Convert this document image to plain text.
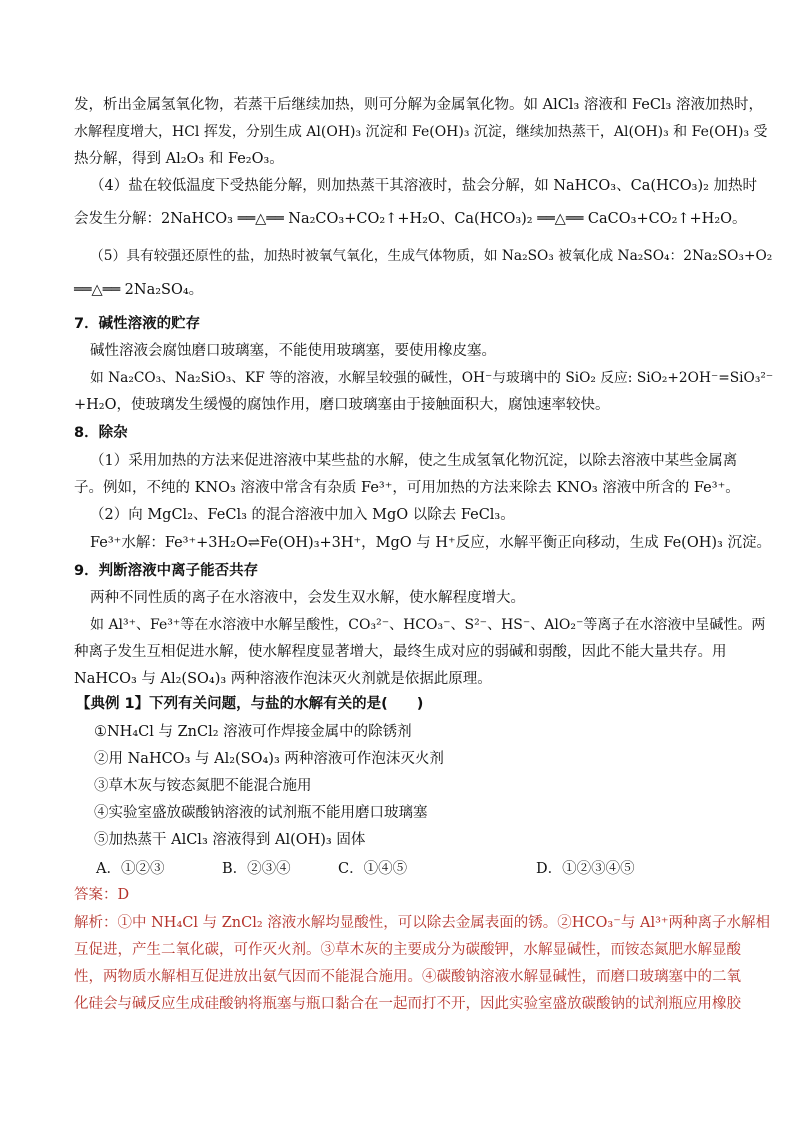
发，析出金属氢氧化物，若蒸干后继续加热，则可分解为金属氧化物。如 AlCl₃ 溶液和 FeCl₃ 溶液加热时，
水解程度增大，HCl 挥发，分别生成 Al(OH)₃ 沉淀和 Fe(OH)₃ 沉淀，继续加热蒸干，Al(OH)₃ 和 Fe(OH)₃ 受
热分解，得到 Al₂O₃ 和 Fe₂O₃。
（4）盐在较低温度下受热能分解，则加热蒸干其溶液时，盐会分解，如 NaHCO₃、Ca(HCO₃)₂ 加热时
会发生分解：2NaHCO₃ ══△══ Na₂CO₃+CO₂↑+H₂O、Ca(HCO₃)₂ ══△══ CaCO₃+CO₂↑+H₂O。
（5）具有较强还原性的盐，加热时被氧气氧化，生成气体物质，如 Na₂SO₃ 被氧化成 Na₂SO₄：2Na₂SO₃+O₂
══△══ 2Na₂SO₄。
7．碱性溶液的贮存
碱性溶液会腐蚀磨口玻璃塞，不能使用玻璃塞，要使用橡皮塞。
如 Na₂CO₃、Na₂SiO₃、KF 等的溶液，水解呈较强的碱性，OH⁻与玻璃中的 SiO₂ 反应: SiO₂+2OH⁻=SiO₃²⁻
+H₂O，使玻璃发生缓慢的腐蚀作用，磨口玻璃塞由于接触面积大，腐蚀速率较快。
8．除杂
（1）采用加热的方法来促进溶液中某些盐的水解，使之生成氢氧化物沉淀，以除去溶液中某些金属离
子。例如，不纯的 KNO₃ 溶液中常含有杂质 Fe³⁺，可用加热的方法来除去 KNO₃ 溶液中所含的 Fe³⁺。
（2）向 MgCl₂、FeCl₃ 的混合溶液中加入 MgO 以除去 FeCl₃。
Fe³⁺水解：Fe³⁺+3H₂O⇌Fe(OH)₃+3H⁺，MgO 与 H⁺反应，水解平衡正向移动，生成 Fe(OH)₃ 沉淀。
9．判断溶液中离子能否共存
两种不同性质的离子在水溶液中，会发生双水解，使水解程度增大。
如 Al³⁺、Fe³⁺等在水溶液中水解呈酸性，CO₃²⁻、HCO₃⁻、S²⁻、HS⁻、AlO₂⁻等离子在水溶液中呈碱性。两
种离子发生互相促进水解，使水解程度显著增大，最终生成对应的弱碱和弱酸，因此不能大量共存。用
NaHCO₃ 与 Al₂(SO₄)₃ 两种溶液作泡沫灭火剂就是依据此原理。
【典例 1】下列有关问题，与盐的水解有关的是(　　)
①NH₄Cl 与 ZnCl₂ 溶液可作焊接金属中的除锈剂
②用 NaHCO₃ 与 Al₂(SO₄)₃ 两种溶液可作泡沫灭火剂
③草木灰与铵态氮肥不能混合施用
④实验室盛放碳酸钠溶液的试剂瓶不能用磨口玻璃塞
⑤加热蒸干 AlCl₃ 溶液得到 Al(OH)₃ 固体
A．①②③	B．②③④	C．①④⑤	D．①②③④⑤
答案：D
解析：①中 NH₄Cl 与 ZnCl₂ 溶液水解均显酸性，可以除去金属表面的锈。②HCO₃⁻与 Al³⁺两种离子水解相
互促进，产生二氧化碳，可作灭火剂。③草木灰的主要成分为碳酸钾，水解显碱性，而铵态氮肥水解显酸
性，两物质水解相互促进放出氨气因而不能混合施用。④碳酸钠溶液水解显碱性，而磨口玻璃塞中的二氧
化硅会与碱反应生成硅酸钠将瓶塞与瓶口黏合在一起而打不开，因此实验室盛放碳酸钠的试剂瓶应用橡胶
